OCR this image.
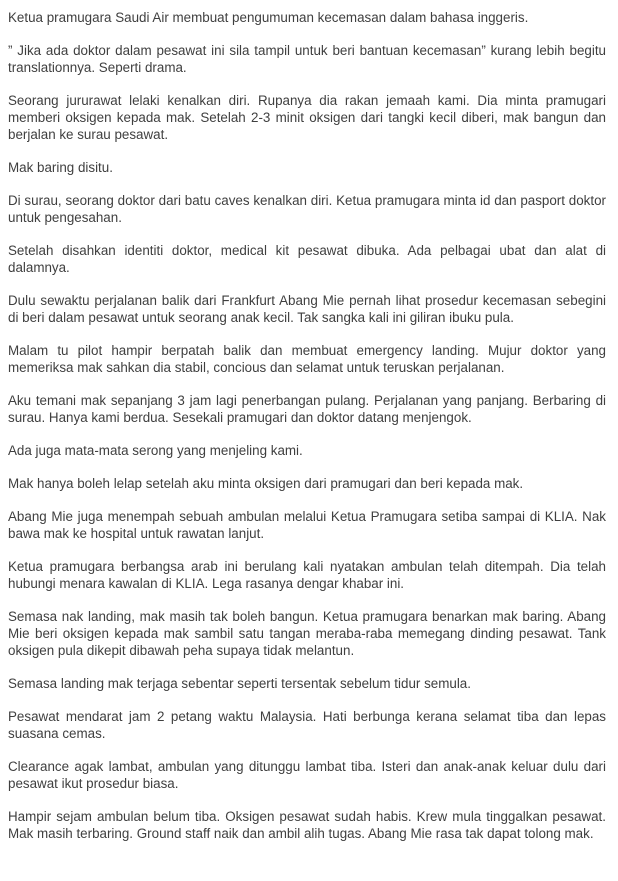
Ketua pramugara Saudi Air membuat pengumuman kecemasan dalam bahasa inggeris.

” Jika ada doktor dalam pesawat ini sila tampil untuk beri bantuan kecemasan” kurang lebih begitu translationnya. Seperti drama.

Seorang jururawat lelaki kenalkan diri. Rupanya dia rakan jemaah kami. Dia minta pramugari memberi oksigen kepada mak. Setelah 2-3 minit oksigen dari tangki kecil diberi, mak bangun dan berjalan ke surau pesawat.

Mak baring disitu.

Di surau, seorang doktor dari batu caves kenalkan diri. Ketua pramugara minta id dan pasport doktor untuk pengesahan.

Setelah disahkan identiti doktor, medical kit pesawat dibuka. Ada pelbagai ubat dan alat di dalamnya.

Dulu sewaktu perjalanan balik dari Frankfurt Abang Mie pernah lihat prosedur kecemasan sebegini di beri dalam pesawat untuk seorang anak kecil. Tak sangka kali ini giliran ibuku pula.

Malam tu pilot hampir berpatah balik dan membuat emergency landing. Mujur doktor yang memeriksa mak sahkan dia stabil, concious dan selamat untuk teruskan perjalanan.

Aku temani mak sepanjang 3 jam lagi penerbangan pulang. Perjalanan yang panjang. Berbaring di surau. Hanya kami berdua. Sesekali pramugari dan doktor datang menjengok.

Ada juga mata-mata serong yang menjeling kami.

Mak hanya boleh lelap setelah aku minta oksigen dari pramugari dan beri kepada mak.

Abang Mie juga menempah sebuah ambulan melalui Ketua Pramugara setiba sampai di KLIA. Nak bawa mak ke hospital untuk rawatan lanjut.

Ketua pramugara berbangsa arab ini berulang kali nyatakan ambulan telah ditempah. Dia telah hubungi menara kawalan di KLIA. Lega rasanya dengar khabar ini.

Semasa nak landing, mak masih tak boleh bangun. Ketua pramugara benarkan mak baring. Abang Mie beri oksigen kepada mak sambil satu tangan meraba-raba memegang dinding pesawat. Tank oksigen pula dikepit dibawah peha supaya tidak melantun.

Semasa landing mak terjaga sebentar seperti tersentak sebelum tidur semula.

Pesawat mendarat jam 2 petang waktu Malaysia. Hati berbunga kerana selamat tiba dan lepas suasana cemas.

Clearance agak lambat, ambulan yang ditunggu lambat tiba. Isteri dan anak-anak keluar dulu dari pesawat ikut prosedur biasa.

Hampir sejam ambulan belum tiba. Oksigen pesawat sudah habis. Krew mula tinggalkan pesawat. Mak masih terbaring. Ground staff naik dan ambil alih tugas. Abang Mie rasa tak dapat tolong mak.
